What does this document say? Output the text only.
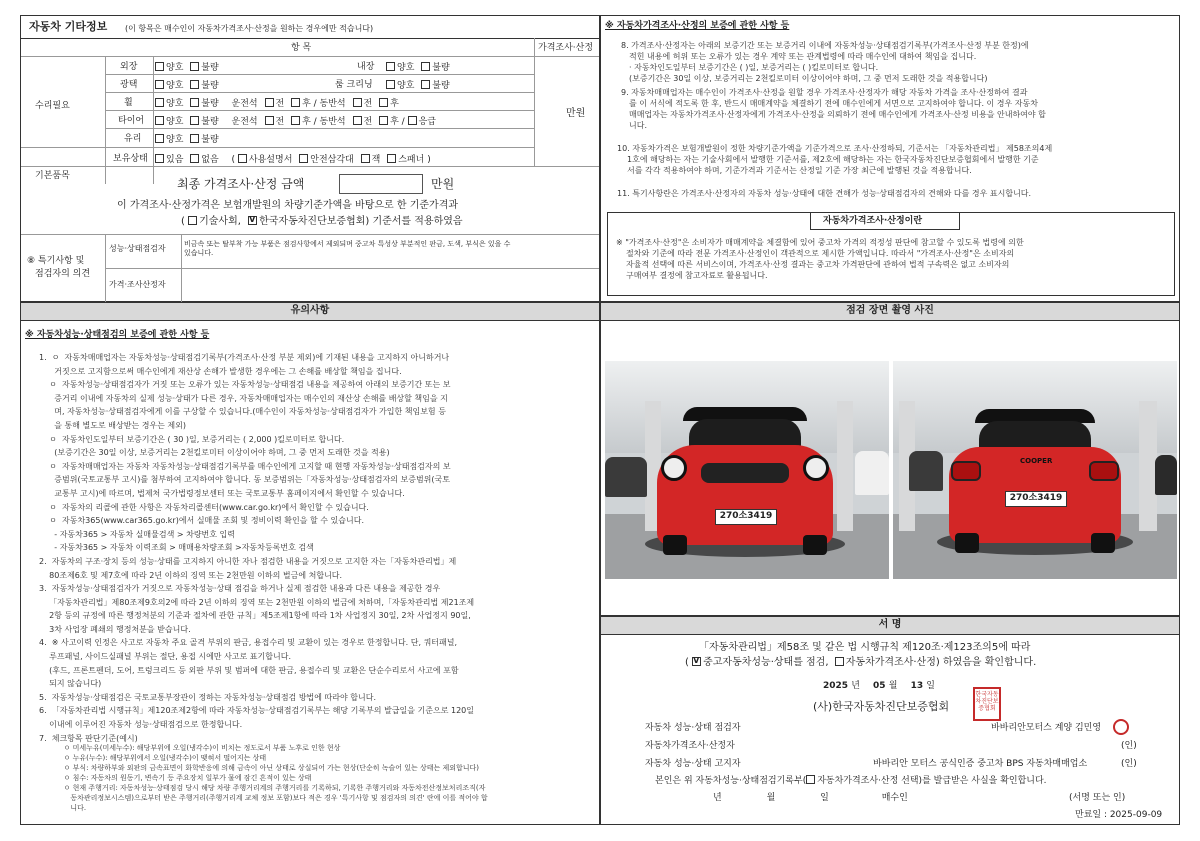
자동차 기타정보 (이 항목은 매수인이 자동차가격조사·산정을 원하는 경우에만 적습니다)
항 목	가격조사·산정
수리필요
기본품목
만원
외장	양호 불량	내장	양호 불량
광택	양호 불량	룸 크리닝	양호 불량
휠	양호 불량 운전석 전 후 / 동반석 전 후
타이어	양호 불량 운전석 전 후 / 동반석 전 후 / 응급
유리	양호 불량
보유상태	있음 없음 ( 사용설명서 안전삼각대 잭 스패너 )
최종 가격조사·산정 금액	만원
이 가격조사·산정가격은 보험개발원의 차량기준가액을 바탕으로 한 기준가격과
( 기술사회, V 한국자동차진단보증협회) 기준서를 적용하였음
⑧ 특기사항 및
점검자의 의견
성능·상태점검자	비금속 또는 탈부착 가능 부품은 점검사항에서 제외되며 중고차 특성상 부분적인 판금, 도색, 부식은 있을 수
있습니다.
가격·조사산정자
※ 자동차가격조사·산정의 보증에 관한 사항 등
8. 가격조사·산정자는 아래의 보증기간 또는 보증거리 이내에 자동차성능·상태점검기록부(가격조사·산정 부분 한정)에
적힌 내용에 허위 또는 오류가 있는 경우 계약 또는 관계법령에 따라 매수인에 대하여 책임을 집니다.
· 자동차인도일부터 보증기간은 ( )일, 보증거리는 ( )킬로미터로 합니다.
(보증기간은 30일 이상, 보증거리는 2천킬로미터 이상이어야 하며, 그 중 먼저 도래한 것을 적용합니다)
9. 자동차매매업자는 매수인이 가격조사·산정을 원할 경우 가격조사·산정자가 해당 자동차 가격을 조사·산정하여 결과
를 이 서식에 적도록 한 후, 반드시 매매계약을 체결하기 전에 매수인에게 서면으로 고지하여야 합니다. 이 경우 자동차
매매업자는 자동차가격조사·산정자에게 가격조사·산정을 의뢰하기 전에 매수인에게 가격조사·산정 비용을 안내하여야 합
니다.
10. 자동차가격은 보험개발원이 정한 차량기준가액을 기준가격으로 조사·산정하되, 기준서는 「자동차관리법」 제58조의4제
1호에 해당하는 자는 기술사회에서 발행한 기준서를, 제2호에 해당하는 자는 한국자동차진단보증협회에서 발행한 기준
서를 각각 적용하여야 하며, 기준가격과 기준서는 산정일 기준 가장 최근에 발행된 것을 적용합니다.
11. 특기사항란은 가격조사·산정자의 자동차 성능·상태에 대한 견해가 성능·상태점검자의 견해와 다를 경우 표시합니다.
자동차가격조사·산정이란
※ "가격조사·산정"은 소비자가 매매계약을 체결함에 있어 중고차 가격의 적정성 판단에 참고할 수 있도록 법령에 의한
절차와 기준에 따라 전문 가격조사·산정인이 객관적으로 제시한 가액입니다. 따라서 "가격조사·산정"은 소비자의
자율적 선택에 따른 서비스이며, 가격조사·산정 결과는 중고차 가격판단에 관하여 법적 구속력은 없고 소비자의
구매여부 결정에 참고자료로 활용됩니다.
유의사항
※ 자동차성능·상태점검의 보증에 관한 사항 등
1.  ㅇ  자동차매매업자는 자동차성능·상태점검기록부(가격조사·산정 부분 제외)에 기재된 내용을 고지하지 아니하거나
거짓으로 고지함으로써 매수인에게 재산상 손해가 발생한 경우에는 그 손해를 배상할 책임을 집니다.
ㅇ  자동차성능·상태점검자가 거짓 또는 오류가 있는 자동차성능·상태점검 내용을 제공하여 아래의 보증기간 또는 보
증거리 이내에 자동차의 실제 성능·상태가 다른 경우, 자동차매매업자는 매수인의 재산상 손해를 배상할 책임을 지
며, 자동차성능·상태점검자에게 이를 구상할 수 있습니다.(매수인이 자동차성능·상태점검자가 가입한 책임보험 등
을 통해 별도로 배상받는 경우는 제외)
ㅇ  자동차인도일부터 보증기간은 ( 30 )일, 보증거리는 ( 2,000 )킬로미터로 합니다.
(보증기간은 30일 이상, 보증거리는 2천킬로미터 이상이어야 하며, 그 중 먼저 도래한 것을 적용)
ㅇ  자동차매매업자는 자동차 자동차성능·상태점검기록부를 매수인에게 고지할 때 현행 자동차성능·상태점검자의 보
증범위(국토교통부 고시)를 첨부하여 고지하여야 합니다. 동 보증범위는「자동차성능·상태점검자의 보증범위(국토
교통부 고시)에 따르며, 법제처 국가법령정보센터 또는 국토교통부 홈페이지에서 확인할 수 있습니다.
ㅇ  자동차의 리콜에 관한 사항은 자동차리콜센터(www.car.go.kr)에서 확인할 수 있습니다.
ㅇ  자동차365(www.car365.go.kr)에서 실매물 조회 및 정비이력 확인을 할 수 있습니다.
- 자동차365 > 자동차 실매물검색 > 차량번호 입력
- 자동차365 > 자동차 이력조회 > 매매용차량조회 >자동차등록번호 검색
2.  자동차의 구조·장치 등의 성능·상태를 고지하지 아니한 자나 점검한 내용을 거짓으로 고지한 자는「자동차관리법」제
80조제6호 및 제7호에 따라 2년 이하의 징역 또는 2천만원 이하의 벌금에 처합니다.
3.  자동차성능·상태점검자가 거짓으로 자동차성능·상태 점검을 하거나 실제 점검한 내용과 다른 내용을 제공한 경우
「자동차관리법」제80조제9호의2에 따라 2년 이하의 징역 또는 2천만원 이하의 벌금에 처하며,「자동차관리법 제21조제
2항 등의 규정에 따른 행정처분의 기준과 절차에 관한 규칙」제5조제1항에 따라 1차 사업정지 30일, 2차 사업정지 90일,
3차 사업장 폐쇄의 행정처분을 받습니다.
4.  ※ 사고이력 인정은 사고로 자동차 주요 골격 부위의 판금, 용접수리 및 교환이 있는 경우로 한정합니다. 단, 쿼터패널,
루프패널, 사이드실패널 부위는 절단, 용접 시에만 사고로 표기합니다.
(후드, 프론트펜더, 도어, 트렁크리드 등 외판 부위 및 범퍼에 대한 판금, 용접수리 및 교환은 단순수리로서 사고에 포함
되지 않습니다)
5.  자동차성능·상태점검은 국토교통부장관이 정하는 자동차성능·상태점검 방법에 따라야 합니다.
6.  「자동차관리법 시행규칙」제120조제2항에 따라 자동차성능·상태점검기록부는 해당 기록부의 발급일을 기준으로 120일
이내에 이루어진 자동차 성능·상태점검으로 한정합니다.
7.  체크항목 판단기준(예시)
ㅇ 미세누유(미세누수): 해당부위에 오일(냉각수)이 비치는 정도로서 부품 노후로 인한 현상
ㅇ 누유(누수): 해당부위에서 오일(냉각수)이 맺혀서 떨어지는 상태
ㅇ 부식: 차량하부와 외판의 금속표면이 화학반응에 의해 금속이 아닌 상태로 상실되어 가는 현상(단순히 녹슬어 있는 상태는 제외합니다)
ㅇ 침수: 자동차의 원동기, 변속기 등 주요장치 일부가 물에 잠긴 흔적이 있는 상태
ㅇ 현재 주행거리: 자동차성능·상태점검 당시 해당 차량 주행거리계의 주행거리를 기록하되, 기록한 주행거리와 자동차전산정보처리조직(자
동차관리정보시스템)으로부터 받은 주행거리(주행거리계 교체 정보 포함)보다 적은 경우 '특기사항 및 점검자의 의견' 란에 이를 적어야 합
니다.
점검 장면 촬영 사진
270소3419
COOPER
270소3419
서 명
「자동차관리법」제58조 및 같은 법 시행규칙 제120조·제123조의5에 따라
( V중고자동차성능·상태를 점검, 자동차가격조사·산정) 하였음을 확인합니다.
2025 년 05 월 13 일
(사)한국자동차진단보증협회
한국자동차진단보증협회
자동차 성능·상태 점검자	바바리안모터스 계양 김민영
자동차가격조사·산정자	(인)
자동차 성능·상태 고지자	바바리안 모터스 공식인증 중고차 BPS 자동차매매업소	(인)
본인은 위 자동차성능·상태점검기록부( 자동차가격조사·산정 선택)를 발급받은 사실을 확인합니다.
년	월	일	매수인	(서명 또는 인)
만료일 : 2025-09-09
